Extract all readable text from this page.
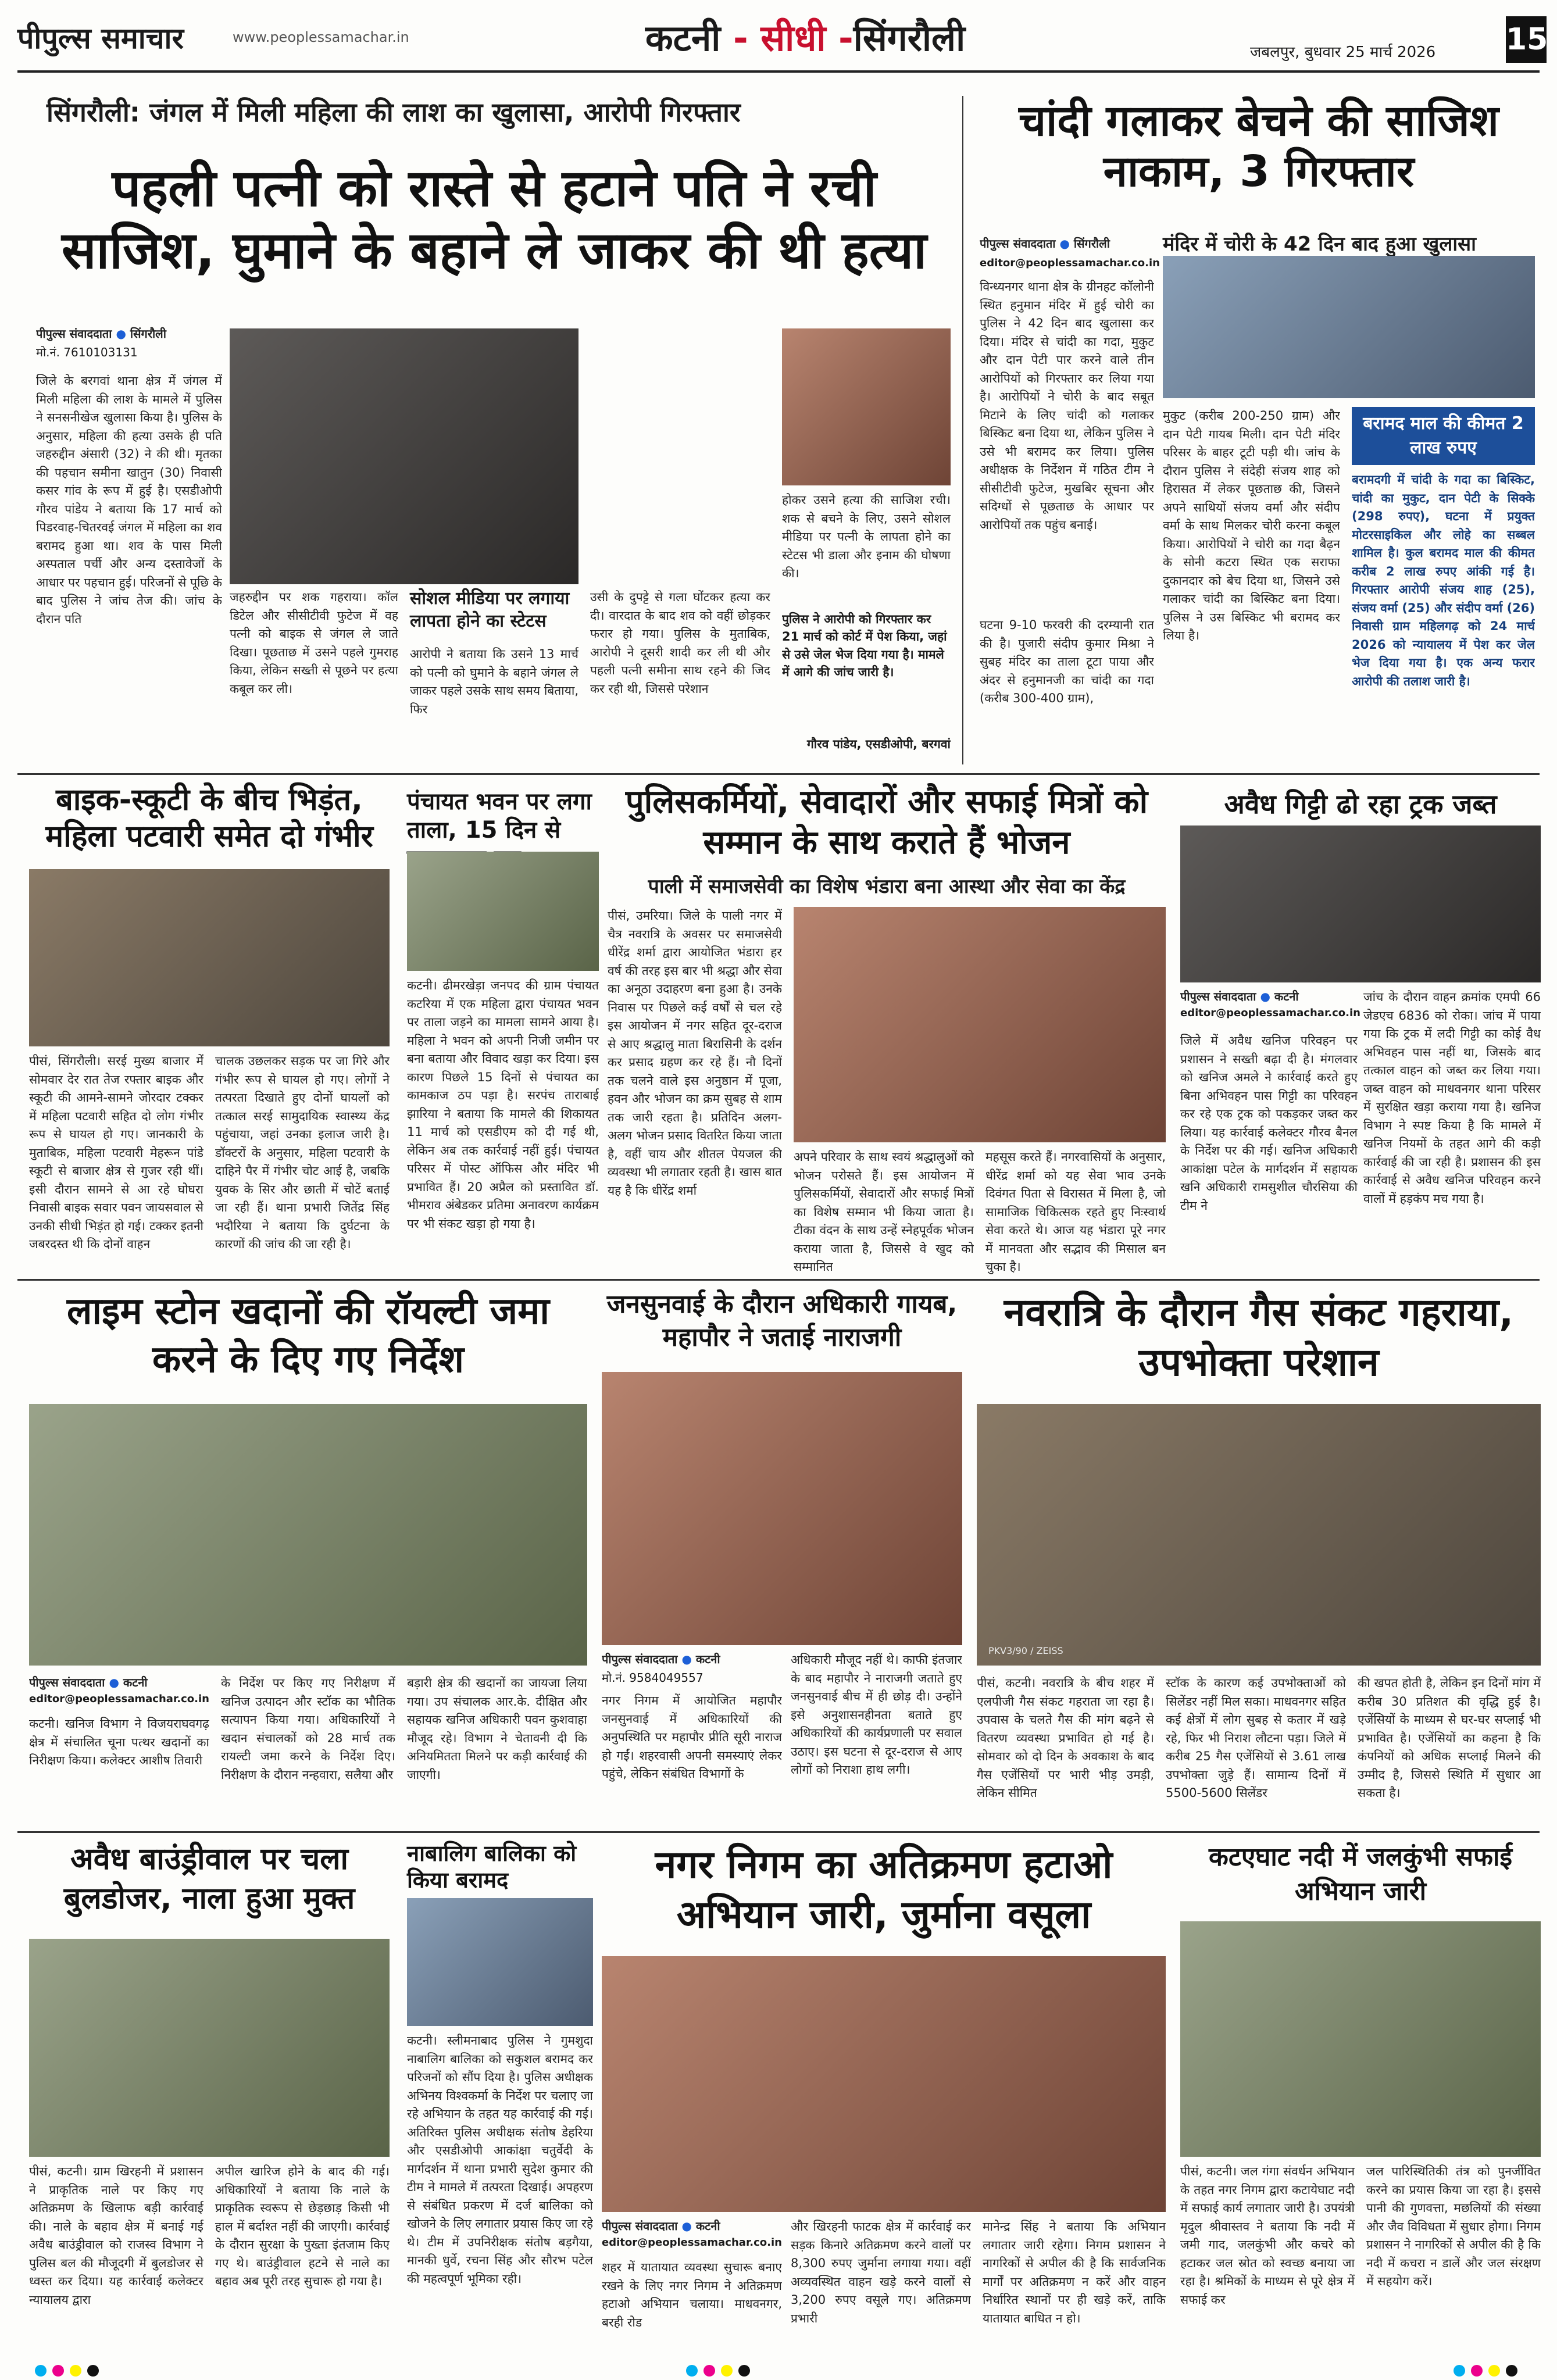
पीपुल्स समाचार	www.peoplessamachar.in	कटनी - सीधी -सिंगरौली	जबलपुर, बुधवार 25 मार्च 2026 15
सिंगरौली: जंगल में मिली महिला की लाश का खुलासा, आरोपी गिरफ्तार
पहली पत्नी को रास्ते से हटाने पति ने रची साजिश, घुमाने के बहाने ले जाकर की थी हत्या
पीपुल्स संवाददाता ● सिंगरौली
मो.नं. 7610103131
जिले के बरगवां थाना क्षेत्र में जंगल में मिली महिला की लाश के मामले में पुलिस ने सनसनीखेज खुलासा किया है। पुलिस के अनुसार, महिला की हत्या उसके ही पति जहरुद्दीन अंसारी (32) ने की थी। मृतका की पहचान समीना खातुन (30) निवासी कसर गांव के रूप में हुई है। एसडीओपी गौरव पांडेय ने बताया कि 17 मार्च को पिडरवाह-चितरवई जंगल में महिला का शव बरामद हुआ था। शव के पास मिली अस्पताल पर्ची और अन्य दस्तावेजों के आधार पर पहचान हुई। परिजनों से पूछि के बाद पुलिस ने जांच तेज की। जांच के दौरान पति
जहरुद्दीन पर शक गहराया। कॉल डिटेल और सीसीटीवी फुटेज में वह पत्नी को बाइक से जंगल ले जाते दिखा। पूछताछ में उसने पहले गुमराह किया, लेकिन सख्ती से पूछने पर हत्या कबूल कर ली।
सोशल मीडिया पर लगाया लापता होने का स्टेटस
आरोपी ने बताया कि उसने 13 मार्च को पत्नी को घुमाने के बहाने जंगल ले जाकर पहले उसके साथ समय बिताया, फिर
उसी के दुपट्टे से गला घोंटकर हत्या कर दी। वारदात के बाद शव को वहीं छोड़कर फरार हो गया। पुलिस के मुताबिक, आरोपी ने दूसरी शादी कर ली थी और पहली पत्नी समीना साथ रहने की जिद कर रही थी, जिससे परेशान
होकर उसने हत्या की साजिश रची। शक से बचने के लिए, उसने सोशल मीडिया पर पत्नी के लापता होने का स्टेटस भी डाला और इनाम की घोषणा की।
पुलिस ने आरोपी को गिरफ्तार कर 21 मार्च को कोर्ट में पेश किया, जहां से उसे जेल भेज दिया गया है। मामले में आगे की जांच जारी है।
गौरव पांडेय, एसडीओपी, बरगवां
चांदी गलाकर बेचने की साजिश नाकाम, 3 गिरफ्तार
मंदिर में चोरी के 42 दिन बाद हुआ खुलासा
पीपुल्स संवाददाता ● सिंगरौली
editor@peoplessamachar.co.in
विन्ध्यनगर थाना क्षेत्र के ग्रीनहट कॉलोनी स्थित हनुमान मंदिर में हुई चोरी का पुलिस ने 42 दिन बाद खुलासा कर दिया। मंदिर से चांदी का गदा, मुकुट और दान पेटी पार करने वाले तीन आरोपियों को गिरफ्तार कर लिया गया है। आरोपियों ने चोरी के बाद सबूत मिटाने के लिए चांदी को गलाकर बिस्किट बना दिया था, लेकिन पुलिस ने उसे भी बरामद कर लिया। पुलिस अधीक्षक के निर्देशन में गठित टीम ने सीसीटीवी फुटेज, मुखबिर सूचना और सदिग्धों से पूछताछ के आधार पर आरोपियों तक पहुंच बनाई।
घटना 9-10 फरवरी की दरम्यानी रात की है। पुजारी संदीप कुमार मिश्रा ने सुबह मंदिर का ताला टूटा पाया और अंदर से हनुमानजी का चांदी का गदा (करीब 300-400 ग्राम),
मुकुट (करीब 200-250 ग्राम) और दान पेटी गायब मिली। दान पेटी मंदिर परिसर के बाहर टूटी पड़ी थी। जांच के दौरान पुलिस ने संदेही संजय शाह को हिरासत में लेकर पूछताछ की, जिसने अपने साथियों संजय वर्मा और संदीप वर्मा के साथ मिलकर चोरी करना कबूल किया। आरोपियों ने चोरी का गदा बैढ़न के सोनी कटरा स्थित एक सराफा दुकानदार को बेच दिया था, जिसने उसे गलाकर चांदी का बिस्किट बना दिया। पुलिस ने उस बिस्किट भी बरामद कर लिया है।
बरामद माल की कीमत 2 लाख रुपए
बरामदगी में चांदी के गदा का बिस्किट, चांदी का मुकुट, दान पेटी के सिक्के (298 रुपए), घटना में प्रयुक्त मोटरसाइकिल और लोहे का सब्बल शामिल है। कुल बरामद माल की कीमत करीब 2 लाख रुपए आंकी गई है। गिरफ्तार आरोपी संजय शाह (25), संजय वर्मा (25) और संदीप वर्मा (26) निवासी ग्राम महिलगढ़ को 24 मार्च 2026 को न्यायालय में पेश कर जेल भेज दिया गया है। एक अन्य फरार आरोपी की तलाश जारी है।
बाइक-स्कूटी के बीच भिड़ंत, महिला पटवारी समेत दो गंभीर
पीसं, सिंगरौली। सरई मुख्य बाजार में सोमवार देर रात तेज रफ्तार बाइक और स्कूटी की आमने-सामने जोरदार टक्कर में महिला पटवारी सहित दो लोग गंभीर रूप से घायल हो गए। जानकारी के मुताबिक, महिला पटवारी मेहरून पांडे स्कूटी से बाजार क्षेत्र से गुजर रही थीं। इसी दौरान सामने से आ रहे घोघरा निवासी बाइक सवार पवन जायसवाल से उनकी सीधी भिड़ंत हो गई। टक्कर इतनी जबरदस्त थी कि दोनों वाहन
चालक उछलकर सड़क पर जा गिरे और गंभीर रूप से घायल हो गए। लोगों ने तत्परता दिखाते हुए दोनों घायलों को तत्काल सरई सामुदायिक स्वास्थ्य केंद्र पहुंचाया, जहां उनका इलाज जारी है। डॉक्टरों के अनुसार, महिला पटवारी के दाहिने पैर में गंभीर चोट आई है, जबकि युवक के सिर और छाती में चोटें बताई जा रही हैं। थाना प्रभारी जितेंद्र सिंह भदौरिया ने बताया कि दुर्घटना के कारणों की जांच की जा रही है।
पंचायत भवन पर लगा ताला, 15 दिन से
कटनी। ढीमरखेड़ा जनपद की ग्राम पंचायत कटरिया में एक महिला द्वारा पंचायत भवन पर ताला जड़ने का मामला सामने आया है। महिला ने भवन को अपनी निजी जमीन पर बना बताया और विवाद खड़ा कर दिया। इस कारण पिछले 15 दिनों से पंचायत का कामकाज ठप पड़ा है। सरपंच ताराबाई झारिया ने बताया कि मामले की शिकायत 11 मार्च को एसडीएम को दी गई थी, लेकिन अब तक कार्रवाई नहीं हुई। पंचायत परिसर में पोस्ट ऑफिस और मंदिर भी प्रभावित हैं। 20 अप्रैल को प्रस्तावित डॉ. भीमराव अंबेडकर प्रतिमा अनावरण कार्यक्रम पर भी संकट खड़ा हो गया है।
पुलिसकर्मियों, सेवादारों और सफाई मित्रों को सम्मान के साथ कराते हैं भोजन
पाली में समाजसेवी का विशेष भंडारा बना आस्था और सेवा का केंद्र
पीसं, उमरिया। जिले के पाली नगर में चैत्र नवरात्रि के अवसर पर समाजसेवी धीरेंद्र शर्मा द्वारा आयोजित भंडारा हर वर्ष की तरह इस बार भी श्रद्धा और सेवा का अनूठा उदाहरण बना हुआ है। उनके निवास पर पिछले कई वर्षों से चल रहे इस आयोजन में नगर सहित दूर-दराज से आए श्रद्धालु माता बिरासिनी के दर्शन कर प्रसाद ग्रहण कर रहे हैं। नौ दिनों तक चलने वाले इस अनुष्ठान में पूजा, हवन और भोजन का क्रम सुबह से शाम तक जारी रहता है। प्रतिदिन अलग-अलग भोजन प्रसाद वितरित किया जाता है, वहीं चाय और शीतल पेयजल की व्यवस्था भी लगातार रहती है। खास बात यह है कि धीरेंद्र शर्मा
अपने परिवार के साथ स्वयं श्रद्धालुओं को भोजन परोसते हैं। इस आयोजन में पुलिसकर्मियों, सेवादारों और सफाई मित्रों का विशेष सम्मान भी किया जाता है। टीका वंदन के साथ उन्हें स्नेहपूर्वक भोजन कराया जाता है, जिससे वे खुद को सम्मानित
महसूस करते हैं। नगरवासियों के अनुसार, धीरेंद्र शर्मा को यह सेवा भाव उनके दिवंगत पिता से विरासत में मिला है, जो सामाजिक चिकित्सक रहते हुए निःस्वार्थ सेवा करते थे। आज यह भंडारा पूरे नगर में मानवता और सद्भाव की मिसाल बन चुका है।
अवैध गिट्टी ढो रहा ट्रक जब्त
पीपुल्स संवाददाता ● कटनी
editor@peoplessamachar.co.in
जिले में अवैध खनिज परिवहन पर प्रशासन ने सख्ती बढ़ा दी है। मंगलवार को खनिज अमले ने कार्रवाई करते हुए बिना अभिवहन पास गिट्टी का परिवहन कर रहे एक ट्रक को पकड़कर जब्त कर लिया। यह कार्रवाई कलेक्टर गौरव बैनल के निर्देश पर की गई। खनिज अधिकारी आकांक्षा पटेल के मार्गदर्शन में सहायक खनि अधिकारी रामसुशील चौरसिया की टीम ने
जांच के दौरान वाहन क्रमांक एमपी 66 जेडएच 6836 को रोका। जांच में पाया गया कि ट्रक में लदी गिट्टी का कोई वैध अभिवहन पास नहीं था, जिसके बाद तत्काल वाहन को जब्त कर लिया गया। जब्त वाहन को माधवनगर थाना परिसर में सुरक्षित खड़ा कराया गया है। खनिज विभाग ने स्पष्ट किया है कि मामले में खनिज नियमों के तहत आगे की कड़ी कार्रवाई की जा रही है। प्रशासन की इस कार्रवाई से अवैध खनिज परिवहन करने वालों में हड़कंप मच गया है।
लाइम स्टोन खदानों की रॉयल्टी जमा करने के दिए गए निर्देश
पीपुल्स संवाददाता ● कटनी
editor@peoplessamachar.co.in
कटनी। खनिज विभाग ने विजयराघवगढ़ क्षेत्र में संचालित चूना पत्थर खदानों का निरीक्षण किया। कलेक्टर आशीष तिवारी
के निर्देश पर किए गए निरीक्षण में खनिज उत्पादन और स्टॉक का भौतिक सत्यापन किया गया। अधिकारियों ने खदान संचालकों को 28 मार्च तक रायल्टी जमा करने के निर्देश दिए। निरीक्षण के दौरान नन्हवारा, सलैया और
बड़ारी क्षेत्र की खदानों का जायजा लिया गया। उप संचालक आर.के. दीक्षित और सहायक खनिज अधिकारी पवन कुशवाहा मौजूद रहे। विभाग ने चेतावनी दी कि अनियमितता मिलने पर कड़ी कार्रवाई की जाएगी।
जनसुनवाई के दौरान अधिकारी गायब, महापौर ने जताई नाराजगी
पीपुल्स संवाददाता ● कटनी
मो.नं. 9584049557
नगर निगम में आयोजित महापौर जनसुनवाई में अधिकारियों की अनुपस्थिति पर महापौर प्रीति सूरी नाराज हो गईं। शहरवासी अपनी समस्याएं लेकर पहुंचे, लेकिन संबंधित विभागों के
अधिकारी मौजूद नहीं थे। काफी इंतजार के बाद महापौर ने नाराजगी जताते हुए जनसुनवाई बीच में ही छोड़ दी। उन्होंने इसे अनुशासनहीनता बताते हुए अधिकारियों की कार्यप्रणाली पर सवाल उठाए। इस घटना से दूर-दराज से आए लोगों को निराशा हाथ लगी।
नवरात्रि के दौरान गैस संकट गहराया, उपभोक्ता परेशान
PKV3/90 / ZEISS
पीसं, कटनी। नवरात्रि के बीच शहर में एलपीजी गैस संकट गहराता जा रहा है। उपवास के चलते गैस की मांग बढ़ने से वितरण व्यवस्था प्रभावित हो गई है। सोमवार को दो दिन के अवकाश के बाद गैस एजेंसियों पर भारी भीड़ उमड़ी, लेकिन सीमित
स्टॉक के कारण कई उपभोक्ताओं को सिलेंडर नहीं मिल सका। माधवनगर सहित कई क्षेत्रों में लोग सुबह से कतार में खड़े रहे, फिर भी निराश लौटना पड़ा। जिले में करीब 25 गैस एजेंसियों से 3.61 लाख उपभोक्ता जुड़े हैं। सामान्य दिनों में 5500-5600 सिलेंडर
की खपत होती है, लेकिन इन दिनों मांग में करीब 30 प्रतिशत की वृद्धि हुई है। एजेंसियों के माध्यम से घर-घर सप्लाई भी प्रभावित है। एजेंसियों का कहना है कि कंपनियों को अधिक सप्लाई मिलने की उम्मीद है, जिससे स्थिति में सुधार आ सकता है।
अवैध बाउंड्रीवाल पर चला बुलडोजर, नाला हुआ मुक्त
पीसं, कटनी। ग्राम खिरहनी में प्रशासन ने प्राकृतिक नाले पर किए गए अतिक्रमण के खिलाफ बड़ी कार्रवाई की। नाले के बहाव क्षेत्र में बनाई गई अवैध बाउंड्रीवाल को राजस्व विभाग ने पुलिस बल की मौजूदगी में बुलडोजर से ध्वस्त कर दिया। यह कार्रवाई कलेक्टर न्यायालय द्वारा
अपील खारिज होने के बाद की गई। अधिकारियों ने बताया कि नाले के प्राकृतिक स्वरूप से छेड़छाड़ किसी भी हाल में बर्दाश्त नहीं की जाएगी। कार्रवाई के दौरान सुरक्षा के पुख्ता इंतजाम किए गए थे। बाउंड्रीवाल हटने से नाले का बहाव अब पूरी तरह सुचारू हो गया है।
नाबालिग बालिका को किया बरामद
कटनी। स्लीमनाबाद पुलिस ने गुमशुदा नाबालिग बालिका को सकुशल बरामद कर परिजनों को सौंप दिया है। पुलिस अधीक्षक अभिनय विश्वकर्मा के निर्देश पर चलाए जा रहे अभियान के तहत यह कार्रवाई की गई। अतिरिक्त पुलिस अधीक्षक संतोष डेहरिया और एसडीओपी आकांक्षा चतुर्वेदी के मार्गदर्शन में थाना प्रभारी सुदेश कुमार की टीम ने मामले में तत्परता दिखाई। अपहरण से संबंधित प्रकरण में दर्ज बालिका को खोजने के लिए लगातार प्रयास किए जा रहे थे। टीम में उपनिरीक्षक संतोष बड़गैया, मानकी धुर्वे, रचना सिंह और सौरभ पटेल की महत्वपूर्ण भूमिका रही।
नगर निगम का अतिक्रमण हटाओ अभियान जारी, जुर्माना वसूला
पीपुल्स संवाददाता ● कटनी
editor@peoplessamachar.co.in
शहर में यातायात व्यवस्था सुचारू बनाए रखने के लिए नगर निगम ने अतिक्रमण हटाओ अभियान चलाया। माधवनगर, बरही रोड
और खिरहनी फाटक क्षेत्र में कार्रवाई कर सड़क किनारे अतिक्रमण करने वालों पर 8,300 रुपए जुर्माना लगाया गया। वहीं अव्यवस्थित वाहन खड़े करने वालों से 3,200 रुपए वसूले गए। अतिक्रमण प्रभारी
मानेन्द्र सिंह ने बताया कि अभियान लगातार जारी रहेगा। निगम प्रशासन ने नागरिकों से अपील की है कि सार्वजनिक मार्गों पर अतिक्रमण न करें और वाहन निर्धारित स्थानों पर ही खड़े करें, ताकि यातायात बाधित न हो।
कटएघाट नदी में जलकुंभी सफाई अभियान जारी
पीसं, कटनी। जल गंगा संवर्धन अभियान के तहत नगर निगम द्वारा कटायेघाट नदी में सफाई कार्य लगातार जारी है। उपयंत्री मृदुल श्रीवास्तव ने बताया कि नदी में जमी गाद, जलकुंभी और कचरे को हटाकर जल स्रोत को स्वच्छ बनाया जा रहा है। श्रमिकों के माध्यम से पूरे क्षेत्र में सफाई कर
जल पारिस्थितिकी तंत्र को पुनर्जीवित करने का प्रयास किया जा रहा है। इससे पानी की गुणवत्ता, मछलियों की संख्या और जैव विविधता में सुधार होगा। निगम प्रशासन ने नागरिकों से अपील की है कि नदी में कचरा न डालें और जल संरक्षण में सहयोग करें।
